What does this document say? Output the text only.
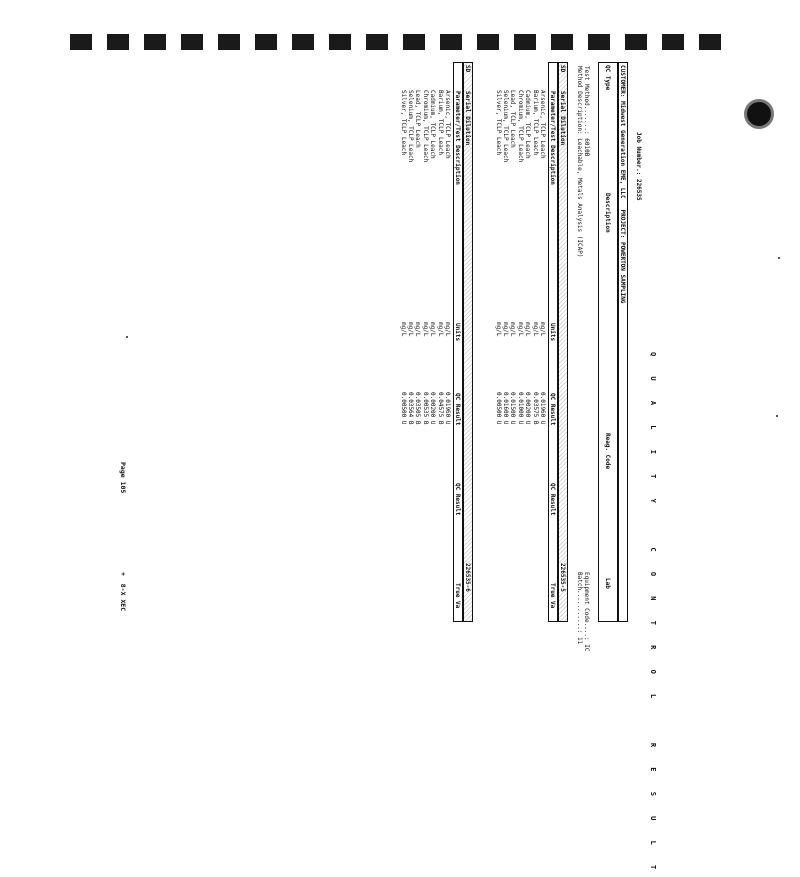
Q U A L I T Y   C O N T R O L   R E S U L T
Job Number.: 226535

CUSTOMER: Midwest Generation EME, LLC   PROJECT: POWERTON SAMPLING

QC Type

Description

Reag. Code

Lab

Test Method.......: 6010B
Method Description: Leachable, Metals Analysis (ICAP)
Equipment Code....: IC
Batch...........: 11

SD

Serial Dilution

226535-5

Parameter/Test Description

Units

QC Result

QC Result

True Va

Arsenic, TCLP Leach
mg/L
0.01960 U

Barium, TCLP Leach
mg/L
0.03575 B

Cadmium, TCLP Leach
mg/L
0.00200 U

Chromium, TCLP Leach
mg/L
0.01000 U

Lead, TCLP Leach
mg/L
0.01500 U

Selenium, TCLP Leach
mg/L
0.01600 U

Silver, TCLP Leach
mg/L
0.00500 U

SD

Serial Dilution

226535-6

Parameter/Test Description

Units

QC Result

QC Result

True Va

Arsenic, TCLP Leach
mg/L
0.01960 U

Barium, TCLP Leach
mg/L
0.04575 B

Cadmium, TCLP Leach
mg/L
0.00200 U

Chromium, TCLP Leach
mg/L
0.00535 B

Lead, TCLP Leach
mg/L
0.03505 B

Selenium, TCLP Leach
mg/L
0.03564 B

Silver, TCLP Leach
mg/L
0.00500 U

Page 105
+  8-X XEC
